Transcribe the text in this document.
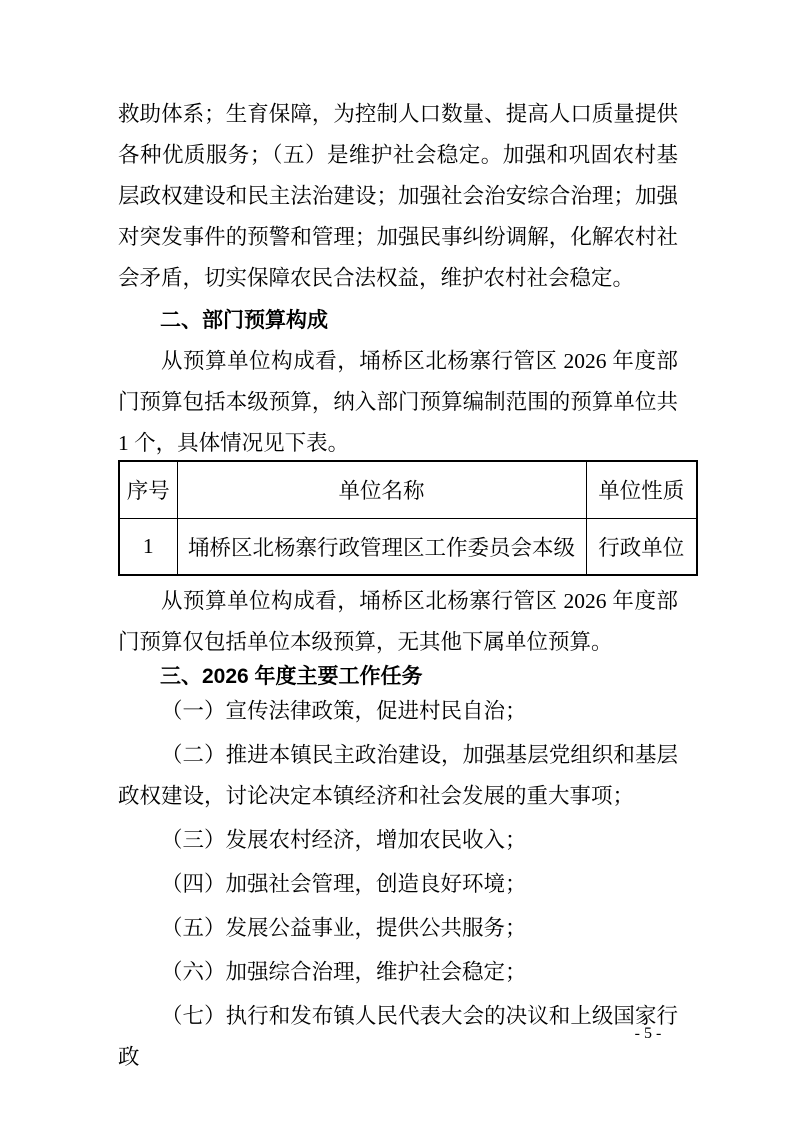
救助体系；生育保障，为控制人口数量、提高人口质量提供各种优质服务；（五）是维护社会稳定。加强和巩固农村基层政权建设和民主法治建设；加强社会治安综合治理；加强对突发事件的预警和管理；加强民事纠纷调解，化解农村社会矛盾，切实保障农民合法权益，维护农村社会稳定。

二、部门预算构成

从预算单位构成看，埇桥区北杨寨行管区 2026 年度部门预算包括本级预算，纳入部门预算编制范围的预算单位共 1 个，具体情况见下表。

序号	单位名称	单位性质
1	埇桥区北杨寨行政管理区工作委员会本级	行政单位

从预算单位构成看，埇桥区北杨寨行管区 2026 年度部门预算仅包括单位本级预算，无其他下属单位预算。

三、2026 年度主要工作任务

（一）宣传法律政策，促进村民自治；

（二）推进本镇民主政治建设，加强基层党组织和基层政权建设，讨论决定本镇经济和社会发展的重大事项；

（三）发展农村经济，增加农民收入；

（四）加强社会管理，创造良好环境；

（五）发展公益事业，提供公共服务；

（六）加强综合治理，维护社会稳定；

（七）执行和发布镇人民代表大会的决议和上级国家行政

- 5 -
